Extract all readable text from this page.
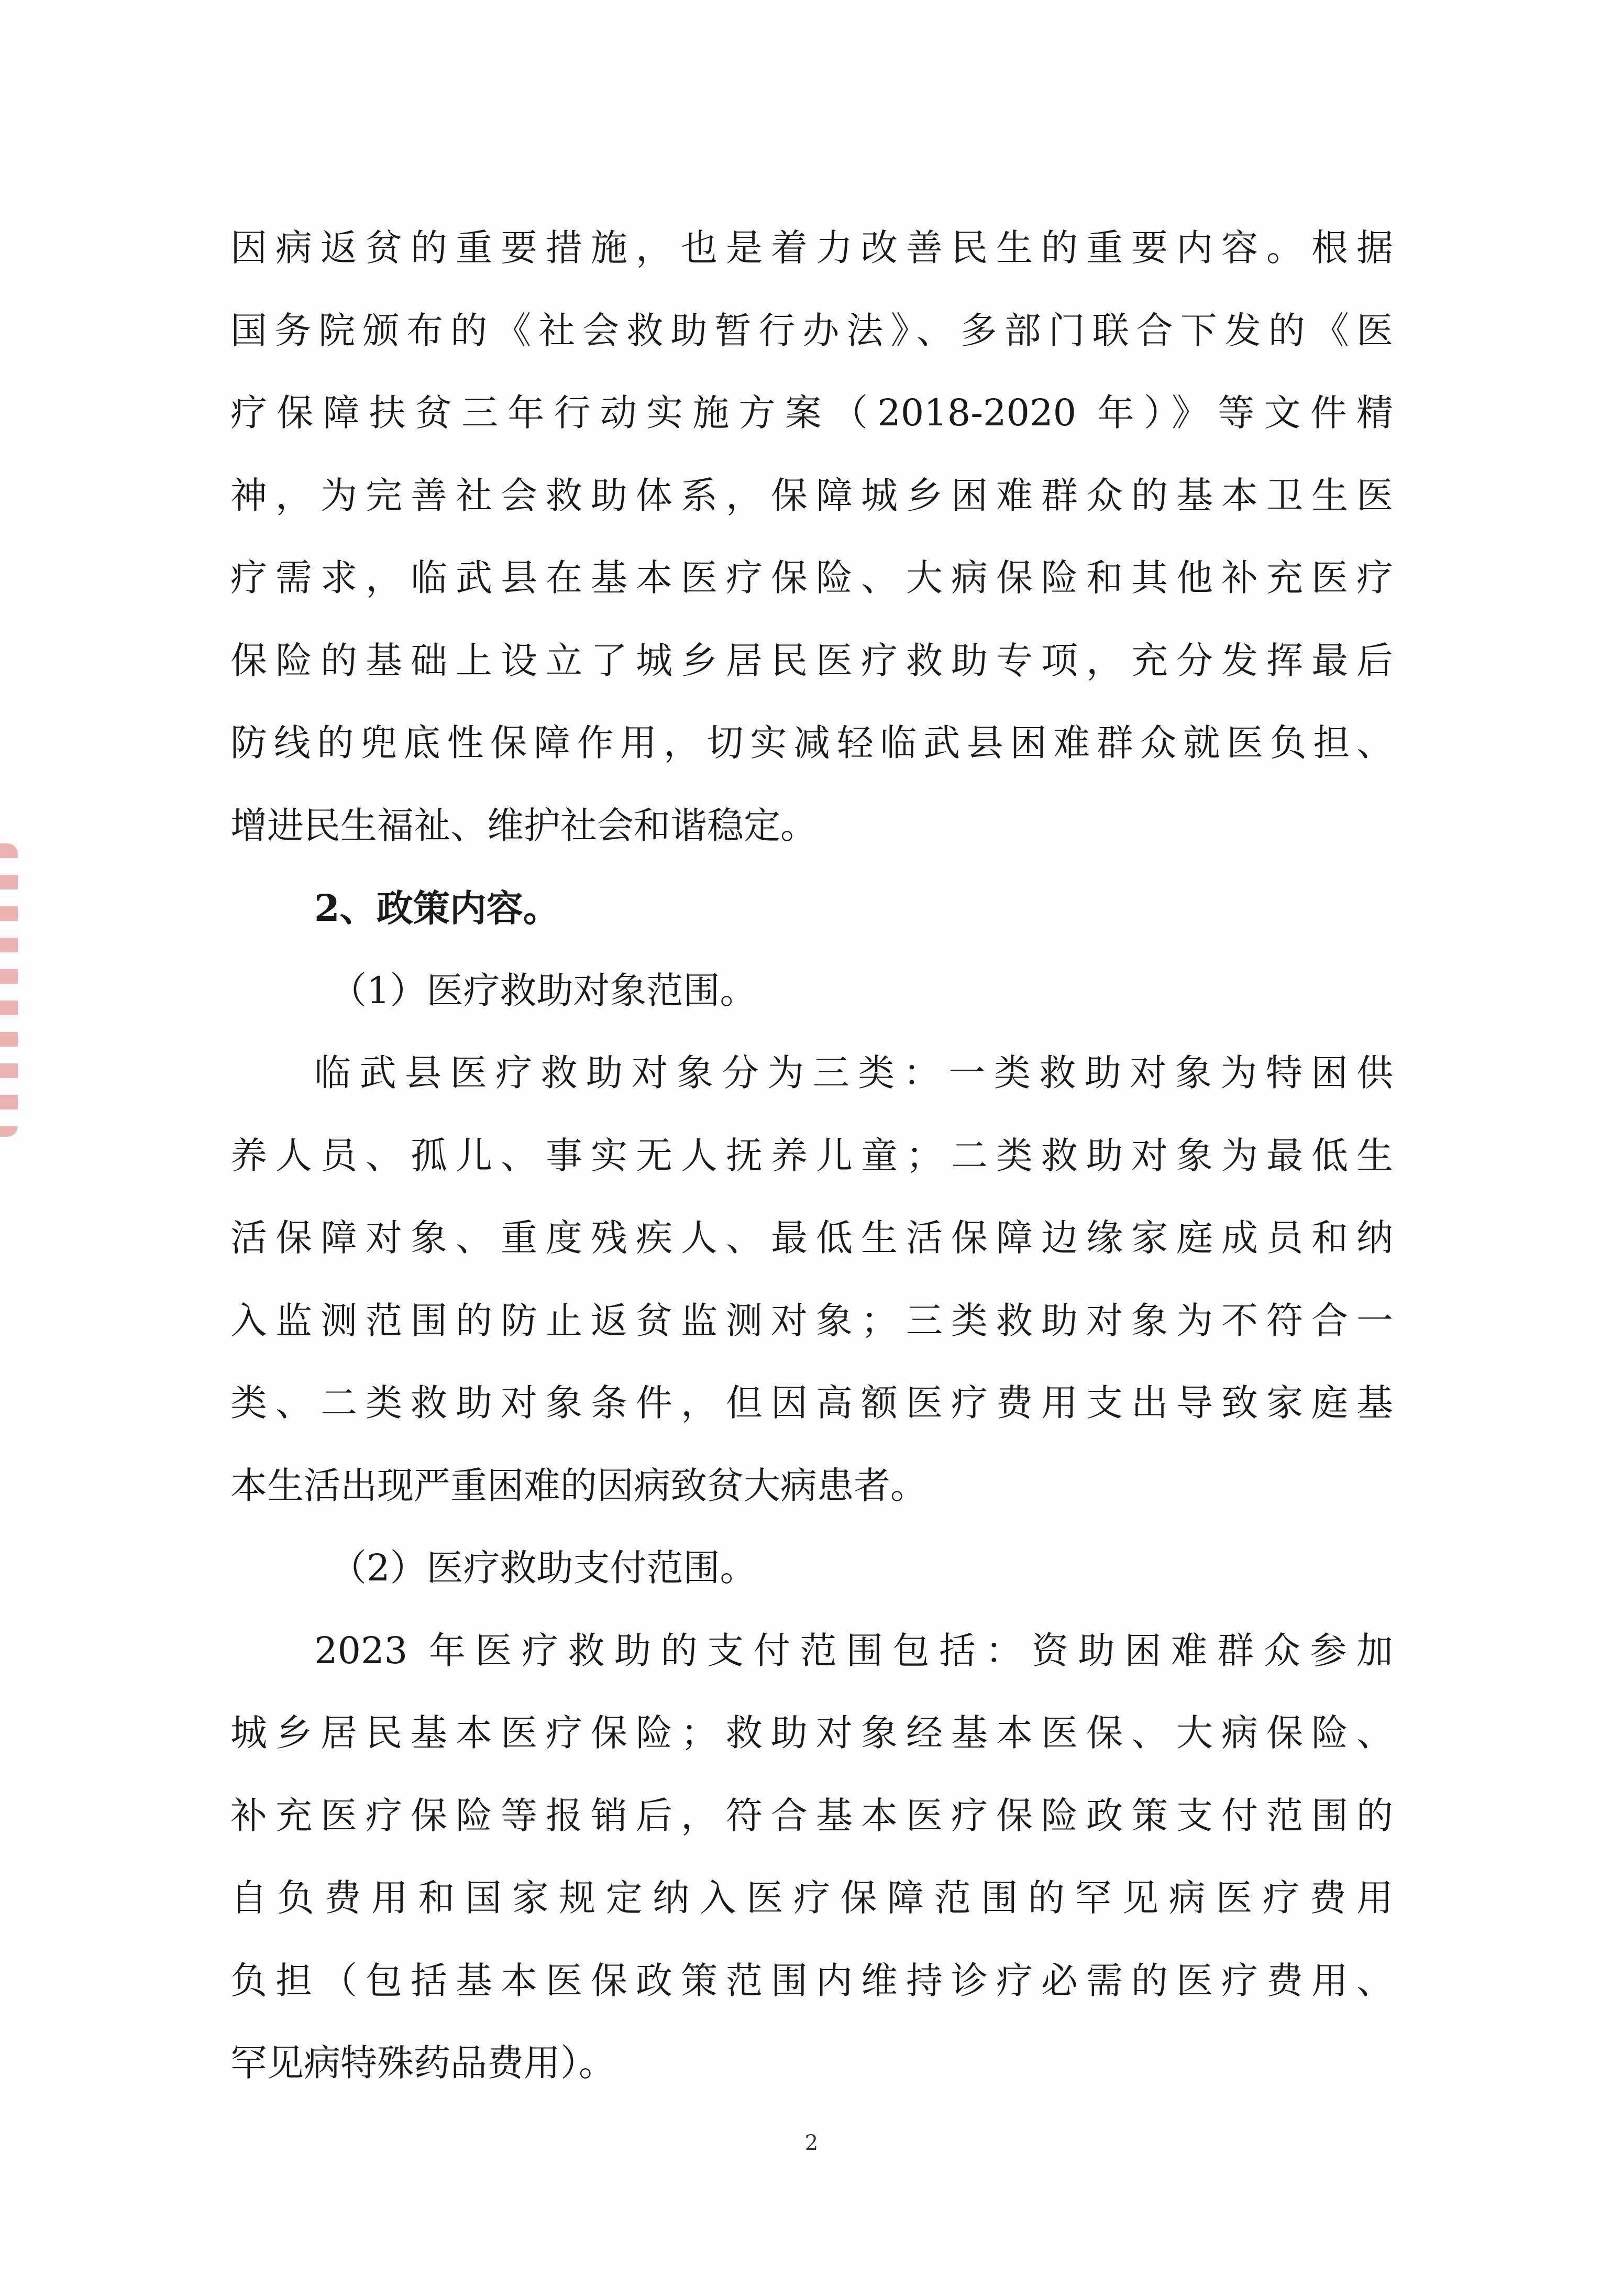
因病返贫的重要措施，也是着力改善民生的重要内容。根据
国务院颁布的《社会救助暂行办法》、多部门联合下发的《医
疗保障扶贫三年行动实施方案（2018-2020 年）》等文件精
神，为完善社会救助体系，保障城乡困难群众的基本卫生医
疗需求，临武县在基本医疗保险、大病保险和其他补充医疗
保险的基础上设立了城乡居民医疗救助专项，充分发挥最后
防线的兜底性保障作用，切实减轻临武县困难群众就医负担、
增进民生福祉、维护社会和谐稳定。
2、政策内容。
（1）医疗救助对象范围。
临武县医疗救助对象分为三类：一类救助对象为特困供
养人员、孤儿、事实无人抚养儿童；二类救助对象为最低生
活保障对象、重度残疾人、最低生活保障边缘家庭成员和纳
入监测范围的防止返贫监测对象；三类救助对象为不符合一
类、二类救助对象条件，但因高额医疗费用支出导致家庭基
本生活出现严重困难的因病致贫大病患者。
（2）医疗救助支付范围。
2023 年医疗救助的支付范围包括：资助困难群众参加
城乡居民基本医疗保险；救助对象经基本医保、大病保险、
补充医疗保险等报销后，符合基本医疗保险政策支付范围的
自负费用和国家规定纳入医疗保障范围的罕见病医疗费用
负担（包括基本医保政策范围内维持诊疗必需的医疗费用、
罕见病特殊药品费用）。
2
